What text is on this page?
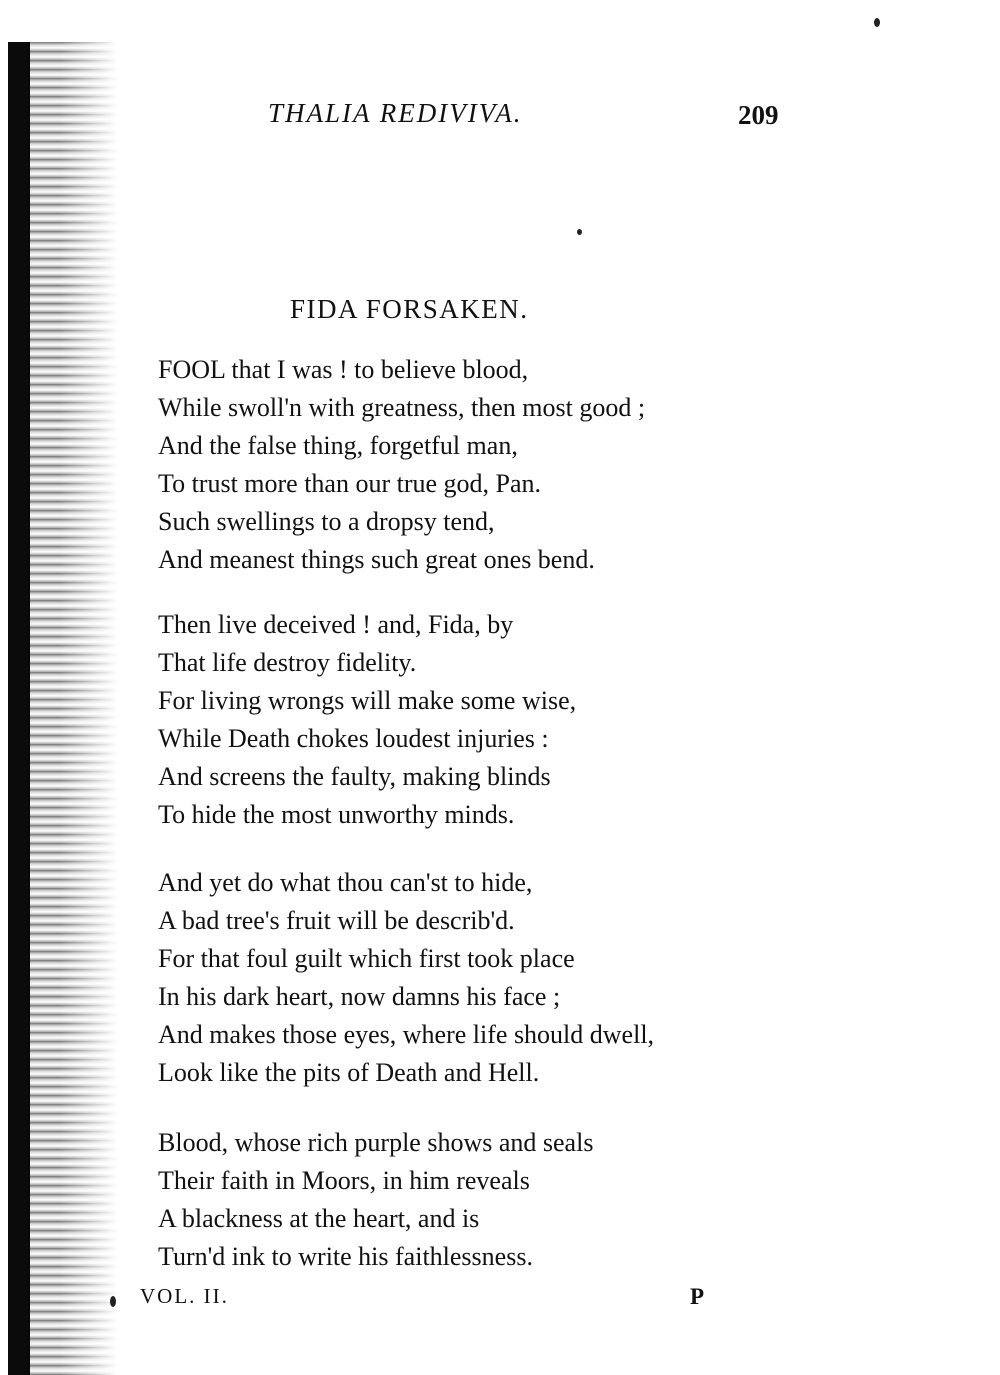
THALIA REDIVIVA.	209
FIDA FORSAKEN.
FOOL that I was ! to believe blood,
While swoll'n with greatness, then most good ;
And the false thing, forgetful man,
To trust more than our true god, Pan.
Such swellings to a dropsy tend,
And meanest things such great ones bend.
Then live deceived ! and, Fida, by
That life destroy fidelity.
For living wrongs will make some wise,
While Death chokes loudest injuries :
And screens the faulty, making blinds
To hide the most unworthy minds.
And yet do what thou can'st to hide,
A bad tree's fruit will be describ'd.
For that foul guilt which first took place
In his dark heart, now damns his face ;
And makes those eyes, where life should dwell,
Look like the pits of Death and Hell.
Blood, whose rich purple shows and seals
Their faith in Moors, in him reveals
A blackness at the heart, and is
Turn'd ink to write his faithlessness.
VOL. II.	P
